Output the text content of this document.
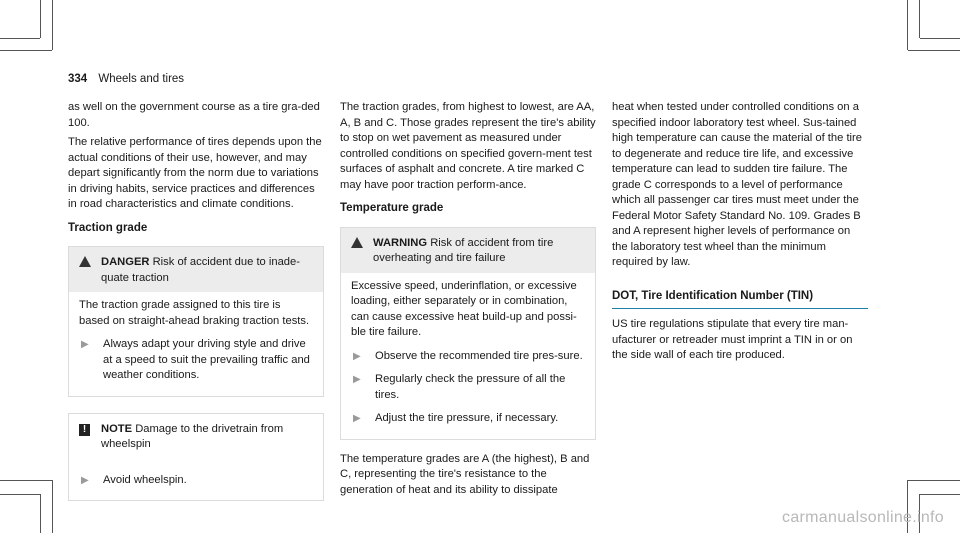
334 Wheels and tires

as well on the government course as a tire gra-ded 100.

The relative performance of tires depends upon the actual conditions of their use, however, and may depart significantly from the norm due to variations in driving habits, service practices and differences in road characteristics and climate conditions.

Traction grade
DANGER Risk of accident due to inade-quate traction

The traction grade assigned to this tire is based on straight-ahead braking traction tests.

▶	Always adapt your driving style and drive at a speed to suit the prevailing traffic and weather conditions.
!	NOTE Damage to the drivetrain from wheelspin
▶	Avoid wheelspin.

The traction grades, from highest to lowest, are AA, A, B and C. Those grades represent the tire's ability to stop on wet pavement as measured under controlled conditions on specified govern-ment test surfaces of asphalt and concrete. A tire marked C may have poor traction perform-ance.

Temperature grade
WARNING Risk of accident from tire overheating and tire failure

Excessive speed, underinflation, or excessive loading, either separately or in combination, can cause excessive heat build-up and possi-ble tire failure.

▶	Observe the recommended tire pres-sure.
▶	Regularly check the pressure of all the tires.
▶	Adjust the tire pressure, if necessary.

The temperature grades are A (the highest), B and C, representing the tire's resistance to the generation of heat and its ability to dissipate

heat when tested under controlled conditions on a specified indoor laboratory test wheel. Sus-tained high temperature can cause the material of the tire to degenerate and reduce tire life, and excessive temperature can lead to sudden tire failure. The grade C corresponds to a level of performance which all passenger car tires must meet under the Federal Motor Safety Standard No. 109. Grades B and A represent higher levels of performance on the laboratory test wheel than the minimum required by law.

DOT, Tire Identification Number (TIN)

US tire regulations stipulate that every tire man-ufacturer or retreader must imprint a TIN in or on the side wall of each tire produced.

carmanualsonline.info
